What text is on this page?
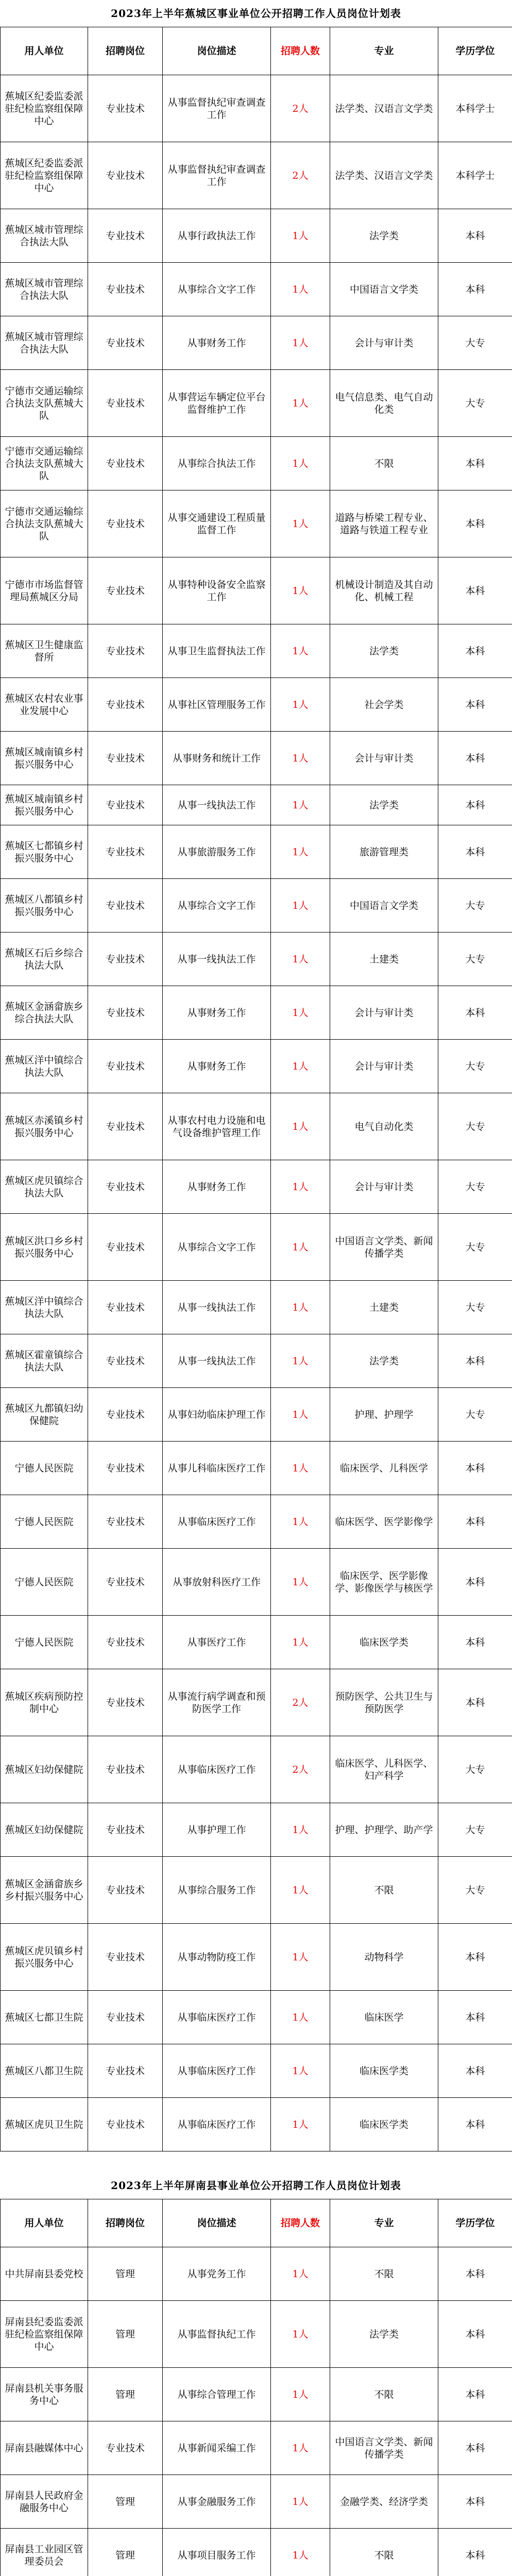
2023年上半年蕉城区事业单位公开招聘工作人员岗位计划表
用人单位	招聘岗位	岗位描述	招聘人数	专业	学历学位
蕉城区纪委监委派驻纪检监察组保障中心	专业技术	从事监督执纪审查调查工作	2人	法学类、汉语言文学类	本科学士
蕉城区纪委监委派驻纪检监察组保障中心	专业技术	从事监督执纪审查调查工作	2人	法学类、汉语言文学类	本科学士
蕉城区城市管理综合执法大队	专业技术	从事行政执法工作	1人	法学类	本科
蕉城区城市管理综合执法大队	专业技术	从事综合文字工作	1人	中国语言文学类	本科
蕉城区城市管理综合执法大队	专业技术	从事财务工作	1人	会计与审计类	大专
宁德市交通运输综合执法支队蕉城大队	专业技术	从事营运车辆定位平台监督维护工作	1人	电气信息类、电气自动化类	大专
宁德市交通运输综合执法支队蕉城大队	专业技术	从事综合执法工作	1人	不限	本科
宁德市交通运输综合执法支队蕉城大队	专业技术	从事交通建设工程质量监督工作	1人	道路与桥梁工程专业、道路与铁道工程专业	本科
宁德市市场监督管理局蕉城区分局	专业技术	从事特种设备安全监察工作	1人	机械设计制造及其自动化、机械工程	本科
蕉城区卫生健康监督所	专业技术	从事卫生监督执法工作	1人	法学类	本科
蕉城区农村农业事业发展中心	专业技术	从事社区管理服务工作	1人	社会学类	本科
蕉城区城南镇乡村振兴服务中心	专业技术	从事财务和统计工作	1人	会计与审计类	本科
蕉城区城南镇乡村振兴服务中心	专业技术	从事一线执法工作	1人	法学类	本科
蕉城区七都镇乡村振兴服务中心	专业技术	从事旅游服务工作	1人	旅游管理类	本科
蕉城区八都镇乡村振兴服务中心	专业技术	从事综合文字工作	1人	中国语言文学类	大专
蕉城区石后乡综合执法大队	专业技术	从事一线执法工作	1人	土建类	大专
蕉城区金涵畲族乡综合执法大队	专业技术	从事财务工作	1人	会计与审计类	本科
蕉城区洋中镇综合执法大队	专业技术	从事财务工作	1人	会计与审计类	大专
蕉城区赤溪镇乡村振兴服务中心	专业技术	从事农村电力设施和电气设备维护管理工作	1人	电气自动化类	大专
蕉城区虎贝镇综合执法大队	专业技术	从事财务工作	1人	会计与审计类	大专
蕉城区洪口乡乡村振兴服务中心	专业技术	从事综合文字工作	1人	中国语言文学类、新闻传播学类	大专
蕉城区洋中镇综合执法大队	专业技术	从事一线执法工作	1人	土建类	大专
蕉城区霍童镇综合执法大队	专业技术	从事一线执法工作	1人	法学类	本科
蕉城区九都镇妇幼保健院	专业技术	从事妇幼临床护理工作	1人	护理、护理学	大专
宁德人民医院	专业技术	从事儿科临床医疗工作	1人	临床医学、儿科医学	本科
宁德人民医院	专业技术	从事临床医疗工作	1人	临床医学、医学影像学	本科
宁德人民医院	专业技术	从事放射科医疗工作	1人	临床医学、医学影像学、影像医学与核医学	本科
宁德人民医院	专业技术	从事医疗工作	1人	临床医学类	本科
蕉城区疾病预防控制中心	专业技术	从事流行病学调查和预防医学工作	2人	预防医学、公共卫生与预防医学	本科
蕉城区妇幼保健院	专业技术	从事临床医疗工作	2人	临床医学、儿科医学、妇产科学	大专
蕉城区妇幼保健院	专业技术	从事护理工作	1人	护理、护理学、助产学	大专
蕉城区金涵畲族乡乡村振兴服务中心	专业技术	从事综合服务工作	1人	不限	大专
蕉城区虎贝镇乡村振兴服务中心	专业技术	从事动物防疫工作	1人	动物科学	本科
蕉城区七都卫生院	专业技术	从事临床医疗工作	1人	临床医学	本科
蕉城区八都卫生院	专业技术	从事临床医疗工作	1人	临床医学类	本科
蕉城区虎贝卫生院	专业技术	从事临床医疗工作	1人	临床医学类	本科
2023年上半年屏南县事业单位公开招聘工作人员岗位计划表
用人单位	招聘岗位	岗位描述	招聘人数	专业	学历学位
中共屏南县委党校	管理	从事党务工作	1人	不限	本科
屏南县纪委监委派驻纪检监察组保障中心	管理	从事监督执纪工作	1人	法学类	本科
屏南县机关事务服务中心	管理	从事综合管理工作	1人	不限	本科
屏南县融媒体中心	专业技术	从事新闻采编工作	1人	中国语言文学类、新闻传播学类	本科
屏南县人民政府金融服务中心	管理	从事金融服务工作	1人	金融学类、经济学类	本科
屏南县工业园区管理委员会	管理	从事项目服务工作	1人	不限	本科
